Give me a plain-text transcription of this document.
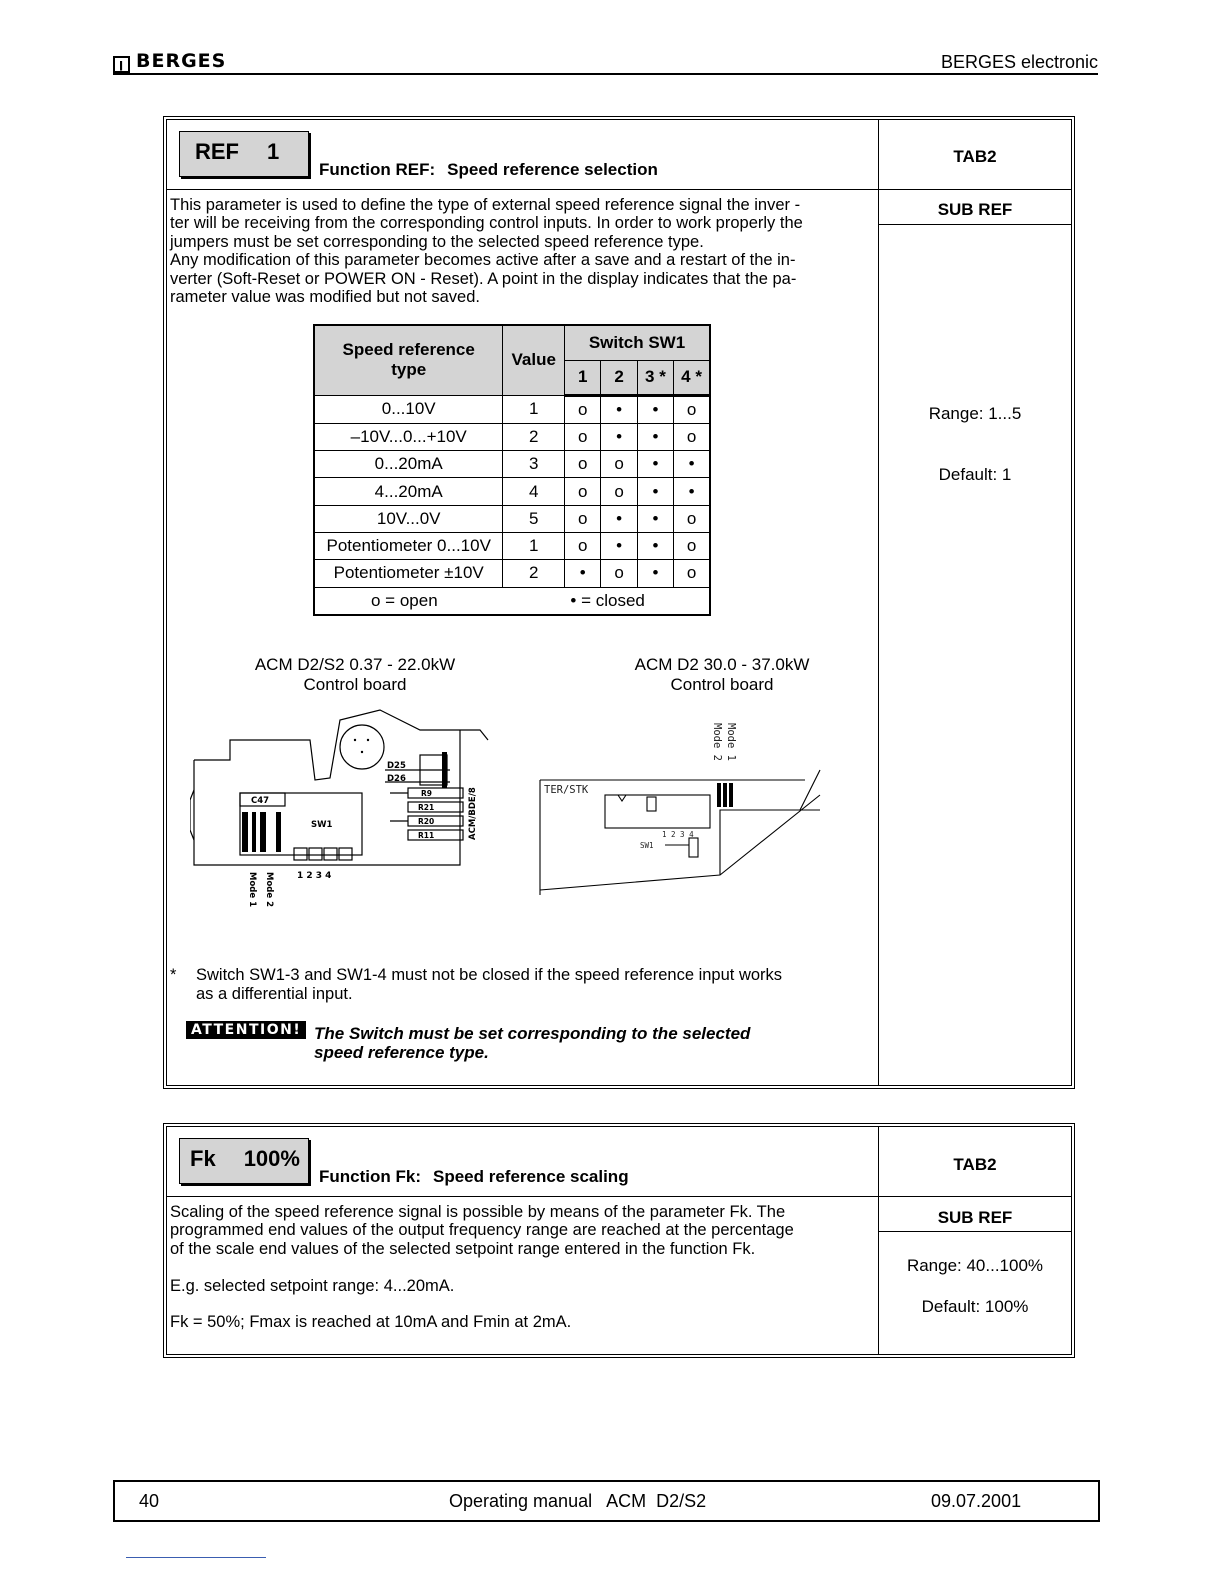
ꞁ BERGES	BERGES electronic
REF 1
Function REF: Speed reference selection
TAB2
SUB REF

This parameter is used to define the type of external speed reference signal the inver -

ter will be receiving from the corresponding control inputs. In order to work properly the

jumpers must be set corresponding to the selected speed reference type.

Any modification of this parameter becomes active after a save and a restart of the in-

verter (Soft-Reset or POWER ON - Reset). A point in the display indicates that the pa-

rameter value was modified but not saved.

Range: 1...5
Default: 1
Speed reference type	Value	Switch SW1			
		1	2	3 *	4 *
0...10V	1	o	•	•	o
–10V...0...+10V	2	o	•	•	o
0...20mA	3	o	o	•	•
4...20mA	4	o	o	•	•
10V...0V	5	o	•	•	o
Potentiometer 0...10V	1	o	•	•	o
Potentiometer ±10V	2	•	o	•	o
o = open • = closed					
ACM D2/S2 0.37 - 22.0kW
Control board
ACM D2 30.0 - 37.0kW
Control board
D25
D26
C47
SW1
R9
R21
R20
R11	ACM/BDE/8
1 2 3 4
Mode 2
Mode 1
TER/STK
1 2 3 4
SW1
Mode 1
Mode 2
* Switch SW1-3 and SW1-4 must not be closed if the speed reference input works
as a differential input.
ATTENTION! The Switch must be set corresponding to the selected
speed reference type.
Fk 100%
Function Fk: Speed reference scaling
TAB2
SUB REF

Scaling of the speed reference signal is possible by means of the parameter Fk. The

programmed end values of the output frequency range are reached at the percentage

of the scale end values of the selected setpoint range entered in the function Fk.

E.g. selected setpoint range: 4...20mA.
Fk = 50%; Fmax is reached at 10mA and Fmin at 2mA.
Range: 40...100%
Default: 100%
40	Operating manual   ACM  D2/S2	09.07.2001
